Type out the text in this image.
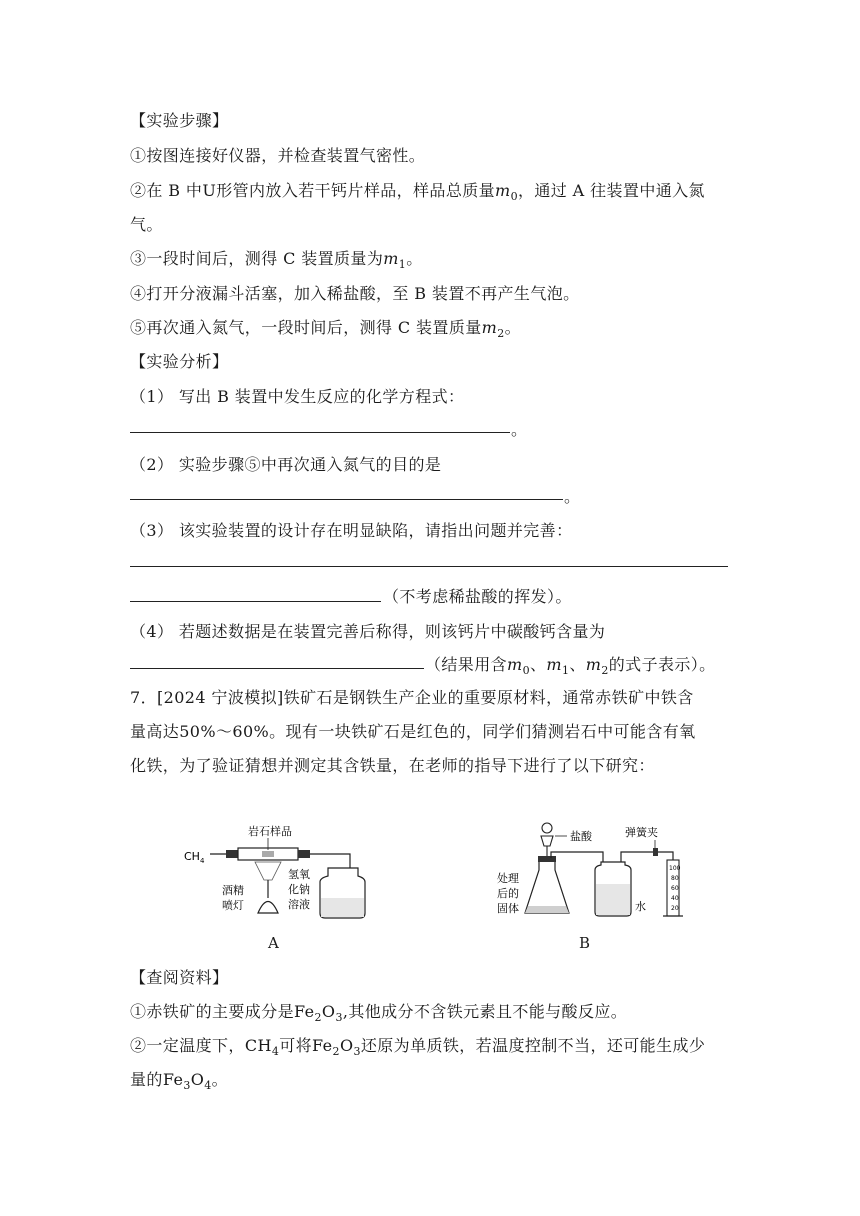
【实验步骤】
①按图连接好仪器，并检查装置气密性。
②在 B 中U形管内放入若干钙片样品，样品总质量$m_0$，通过 A 往装置中通入氮
气。
③一段时间后，测得 C 装置质量为$m_1$。
④打开分液漏斗活塞，加入稀盐酸，至 B 装置不再产生气泡。
⑤再次通入氮气，一段时间后，测得 C 装置质量$m_2$。
【实验分析】
（1） 写出 B 装置中发生反应的化学方程式：
。
（2） 实验步骤⑤中再次通入氮气的目的是
。
（3） 该实验装置的设计存在明显缺陷，请指出问题并完善：
（不考虑稀盐酸的挥发）。
（4） 若题述数据是在装置完善后称得，则该钙片中碳酸钙含量为
（结果用含$m_0$、$m_1$、$m_2$的式子表示）。
7．[2024 宁波模拟]铁矿石是钢铁生产企业的重要原材料，通常赤铁矿中铁含
量高达50%～60%。现有一块铁矿石是红色的，同学们猜测岩石中可能含有氧
化铁，为了验证猜想并测定其含铁量，在老师的指导下进行了以下研究：
$CH_4$
岩石样品
酒精
喷灯
氢氧
化钠
溶液
A
盐酸
处理
后的
固体	水
弹簧夹
100
80
60
40
20
B
【查阅资料】
①赤铁矿的主要成分是$Fe_2O_3$,其他成分不含铁元素且不能与酸反应。
②一定温度下，$CH_4$可将$Fe_2O_3$还原为单质铁，若温度控制不当，还可能生成少
量的$Fe_3O_4$。
